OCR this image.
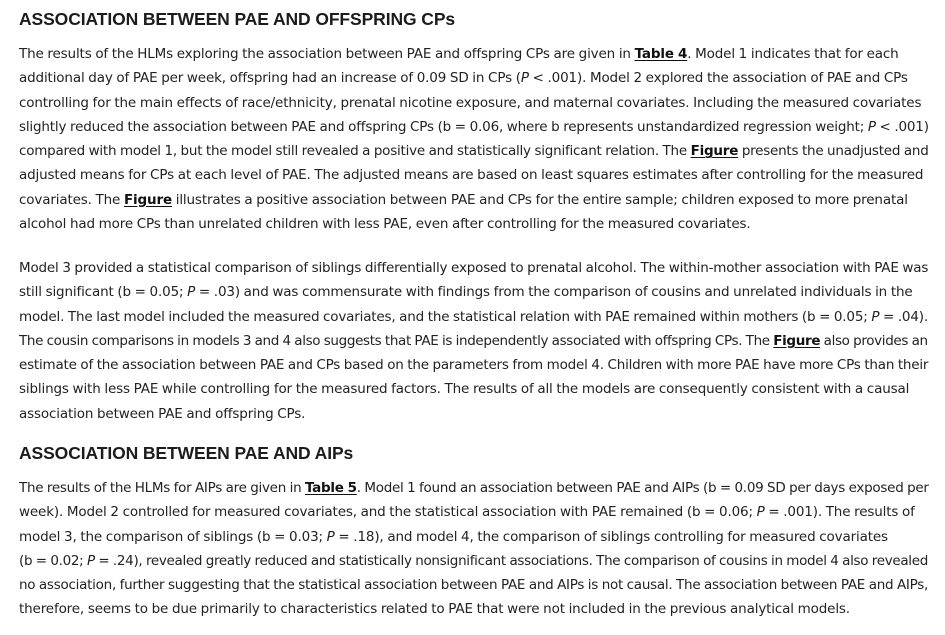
ASSOCIATION BETWEEN PAE AND OFFSPRING CPs

The results of the HLMs exploring the association between PAE and offspring CPs are given in Table 4. Model 1 indicates that for each
additional day of PAE per week, offspring had an increase of 0.09 SD in CPs (P < .001). Model 2 explored the association of PAE and CPs
controlling for the main effects of race/ethnicity, prenatal nicotine exposure, and maternal covariates. Including the measured covariates
slightly reduced the association between PAE and offspring CPs (b = 0.06, where b represents unstandardized regression weight; P < .001)
compared with model 1, but the model still revealed a positive and statistically significant relation. The Figure presents the unadjusted and
adjusted means for CPs at each level of PAE. The adjusted means are based on least squares estimates after controlling for the measured
covariates. The Figure illustrates a positive association between PAE and CPs for the entire sample; children exposed to more prenatal
alcohol had more CPs than unrelated children with less PAE, even after controlling for the measured covariates.

Model 3 provided a statistical comparison of siblings differentially exposed to prenatal alcohol. The within-mother association with PAE was
still significant (b = 0.05; P = .03) and was commensurate with findings from the comparison of cousins and unrelated individuals in the
model. The last model included the measured covariates, and the statistical relation with PAE remained within mothers (b = 0.05; P = .04).
The cousin comparisons in models 3 and 4 also suggests that PAE is independently associated with offspring CPs. The Figure also provides an
estimate of the association between PAE and CPs based on the parameters from model 4. Children with more PAE have more CPs than their
siblings with less PAE while controlling for the measured factors. The results of all the models are consequently consistent with a causal
association between PAE and offspring CPs.

ASSOCIATION BETWEEN PAE AND AIPs

The results of the HLMs for AIPs are given in Table 5. Model 1 found an association between PAE and AIPs (b = 0.09 SD per days exposed per
week). Model 2 controlled for measured covariates, and the statistical association with PAE remained (b = 0.06; P = .001). The results of
model 3, the comparison of siblings (b = 0.03; P = .18), and model 4, the comparison of siblings controlling for measured covariates
(b = 0.02; P = .24), revealed greatly reduced and statistically nonsignificant associations. The comparison of cousins in model 4 also revealed
no association, further suggesting that the statistical association between PAE and AIPs is not causal. The association between PAE and AIPs,
therefore, seems to be due primarily to characteristics related to PAE that were not included in the previous analytical models.
